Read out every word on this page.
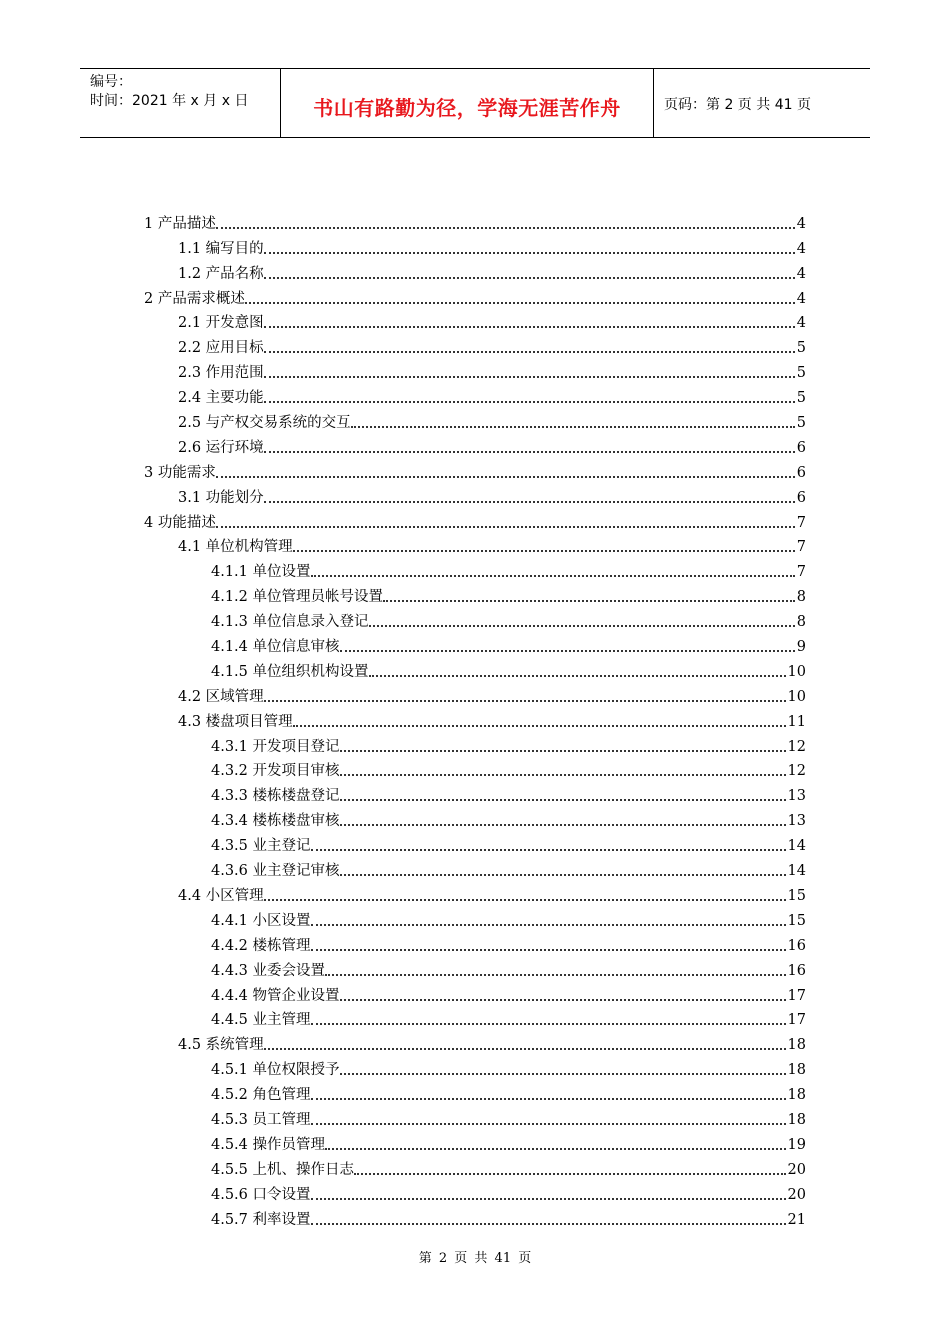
编号：
时间：2021 年 x 月 x 日	书山有路勤为径，学海无涯苦作舟	页码：第 2 页 共 41 页
1 产品描述	4
1.1 编写目的	4
1.2 产品名称	4
2 产品需求概述	4
2.1 开发意图	4
2.2 应用目标	5
2.3 作用范围	5
2.4 主要功能	5
2.5 与产权交易系统的交互	5
2.6 运行环境	6
3 功能需求	6
3.1 功能划分	6
4 功能描述	7
4.1 单位机构管理	7
4.1.1 单位设置	7
4.1.2 单位管理员帐号设置	8
4.1.3 单位信息录入登记	8
4.1.4 单位信息审核	9
4.1.5 单位组织机构设置	10
4.2 区域管理	10
4.3 楼盘项目管理	11
4.3.1 开发项目登记	12
4.3.2 开发项目审核	12
4.3.3 楼栋楼盘登记	13
4.3.4 楼栋楼盘审核	13
4.3.5 业主登记	14
4.3.6 业主登记审核	14
4.4 小区管理	15
4.4.1 小区设置	15
4.4.2 楼栋管理	16
4.4.3 业委会设置	16
4.4.4 物管企业设置	17
4.4.5 业主管理	17
4.5 系统管理	18
4.5.1 单位权限授予	18
4.5.2 角色管理	18
4.5.3 员工管理	18
4.5.4 操作员管理	19
4.5.5 上机、操作日志	20
4.5.6 口令设置	20
4.5.7 利率设置	21
第 2 页 共 41 页
